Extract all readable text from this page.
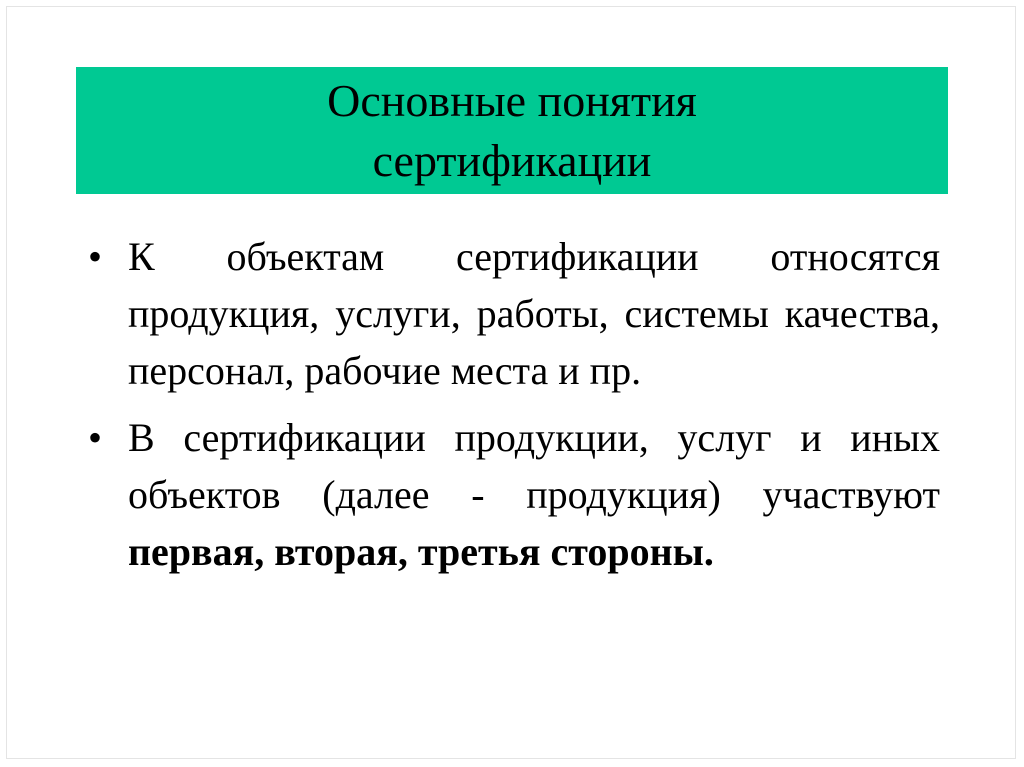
Основные понятия
сертификации
• К объектам сертификации относятся продукция, услуги, работы, системы качества, персонал, рабочие места и пр.
• В сертификации продукции, услуг и иных объектов (далее - продукция) участвуют первая, вторая, третья стороны.
